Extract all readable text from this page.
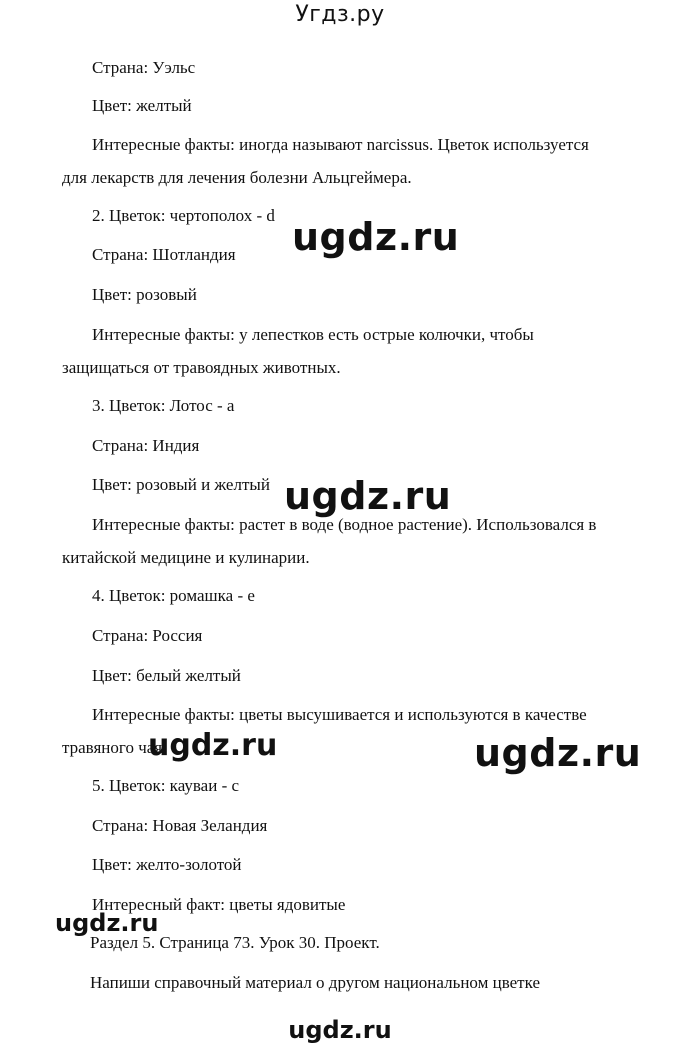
Угдз.ру
Страна: Уэльс
Цвет: желтый
Интересные факты: иногда называют narcissus. Цветок используется
для лекарств для лечения болезни Альцгеймера.
2. Цветок: чертополох - d
Страна: Шотландия
Цвет: розовый
Интересные факты: у лепестков есть острые колючки, чтобы
защищаться от травоядных животных.
3. Цветок: Лотос - a
Страна: Индия
Цвет: розовый и желтый
Интересные факты: растет в воде (водное растение). Использовался в
китайской медицине и кулинарии.
4. Цветок: ромашка - e
Страна: Россия
Цвет: белый желтый
Интересные факты: цветы высушивается и используются в качестве
травяного чая.
5. Цветок: кауваи - c
Страна: Новая Зеландия
Цвет: желто-золотой
Интересный факт: цветы ядовитые
Раздел 5. Страница 73. Урок 30. Проект.
Напиши справочный материал о другом национальном цветке
ugdz.ru
ugdz.ru
ugdz.ru	ugdz.ru
ugdz.ru
ugdz.ru
